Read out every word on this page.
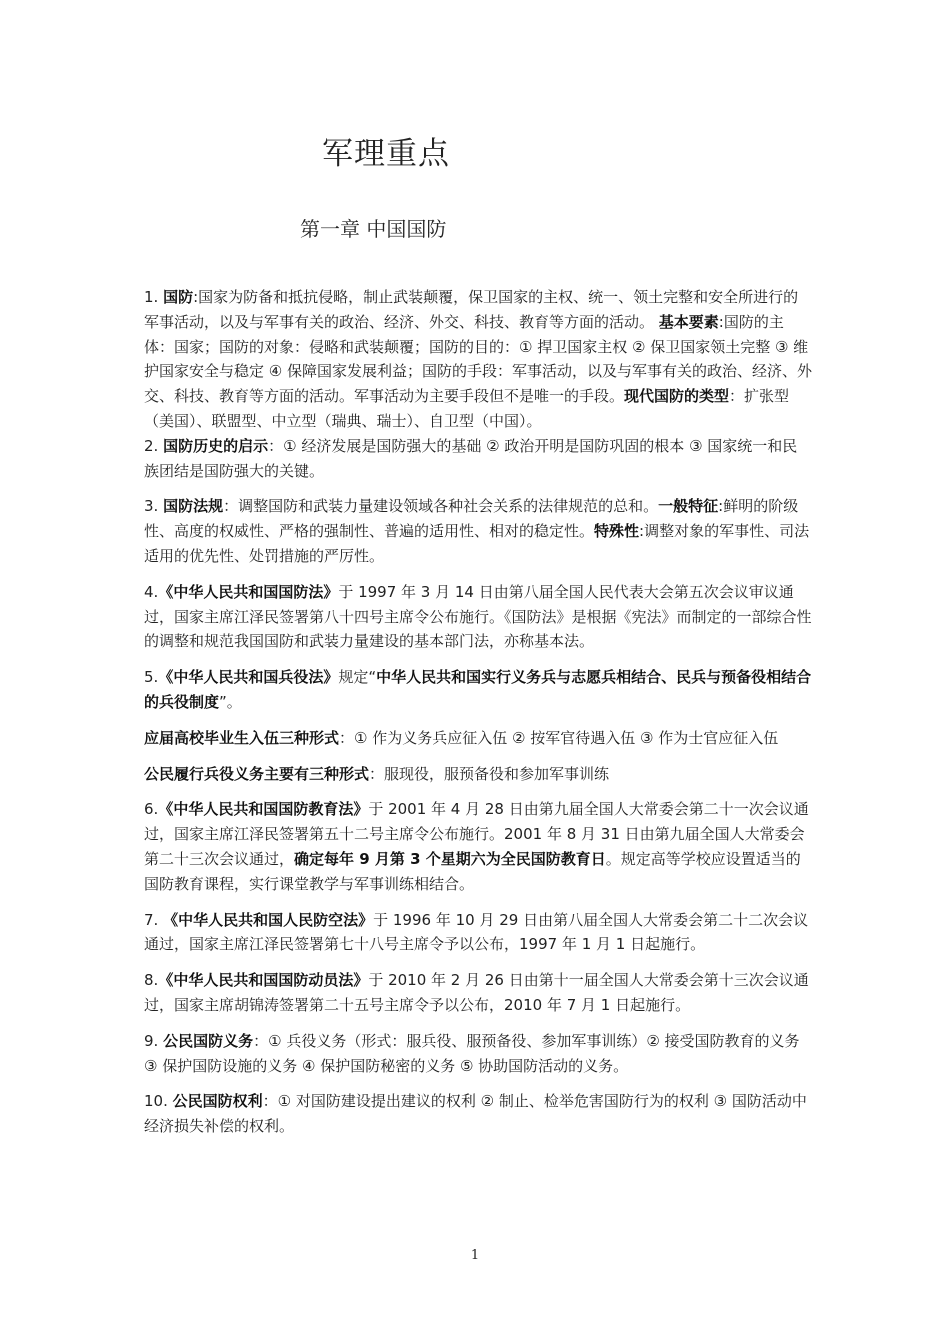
军理重点
第一章 中国国防

1. 国防:国家为防备和抵抗侵略，制止武装颠覆，保卫国家的主权、统一、领土完整和安全所进行的军事活动，以及与军事有关的政治、经济、外交、科技、教育等方面的活动。 基本要素:国防的主体：国家；国防的对象：侵略和武装颠覆；国防的目的：① 捍卫国家主权 ② 保卫国家领土完整 ③ 维护国家安全与稳定 ④ 保障国家发展利益；国防的手段：军事活动，以及与军事有关的政治、经济、外交、科技、教育等方面的活动。军事活动为主要手段但不是唯一的手段。现代国防的类型：扩张型（美国）、联盟型、中立型（瑞典、瑞士）、自卫型（中国）。

2. 国防历史的启示：① 经济发展是国防强大的基础 ② 政治开明是国防巩固的根本 ③ 国家统一和民族团结是国防强大的关键。

3. 国防法规：调整国防和武装力量建设领域各种社会关系的法律规范的总和。一般特征:鲜明的阶级性、高度的权威性、严格的强制性、普遍的适用性、相对的稳定性。特殊性:调整对象的军事性、司法适用的优先性、处罚措施的严厉性。

4.《中华人民共和国国防法》于 1997 年 3 月 14 日由第八届全国人民代表大会第五次会议审议通过，国家主席江泽民签署第八十四号主席令公布施行。《国防法》是根据《宪法》而制定的一部综合性的调整和规范我国国防和武装力量建设的基本部门法，亦称基本法。

5.《中华人民共和国兵役法》规定“中华人民共和国实行义务兵与志愿兵相结合、民兵与预备役相结合的兵役制度”。

应届高校毕业生入伍三种形式：① 作为义务兵应征入伍 ② 按军官待遇入伍 ③ 作为士官应征入伍

公民履行兵役义务主要有三种形式：服现役，服预备役和参加军事训练

6.《中华人民共和国国防教育法》于 2001 年 4 月 28 日由第九届全国人大常委会第二十一次会议通过，国家主席江泽民签署第五十二号主席令公布施行。2001 年 8 月 31 日由第九届全国人大常委会第二十三次会议通过，确定每年 9 月第 3 个星期六为全民国防教育日。规定高等学校应设置适当的国防教育课程，实行课堂教学与军事训练相结合。

7. 《中华人民共和国人民防空法》于 1996 年 10 月 29 日由第八届全国人大常委会第二十二次会议通过，国家主席江泽民签署第七十八号主席令予以公布，1997 年 1 月 1 日起施行。

8.《中华人民共和国国防动员法》于 2010 年 2 月 26 日由第十一届全国人大常委会第十三次会议通过，国家主席胡锦涛签署第二十五号主席令予以公布，2010 年 7 月 1 日起施行。

9. 公民国防义务：① 兵役义务（形式：服兵役、服预备役、参加军事训练）② 接受国防教育的义务 ③ 保护国防设施的义务 ④ 保护国防秘密的义务 ⑤ 协助国防活动的义务。

10. 公民国防权利：① 对国防建设提出建议的权利 ② 制止、检举危害国防行为的权利 ③ 国防活动中经济损失补偿的权利。

1
